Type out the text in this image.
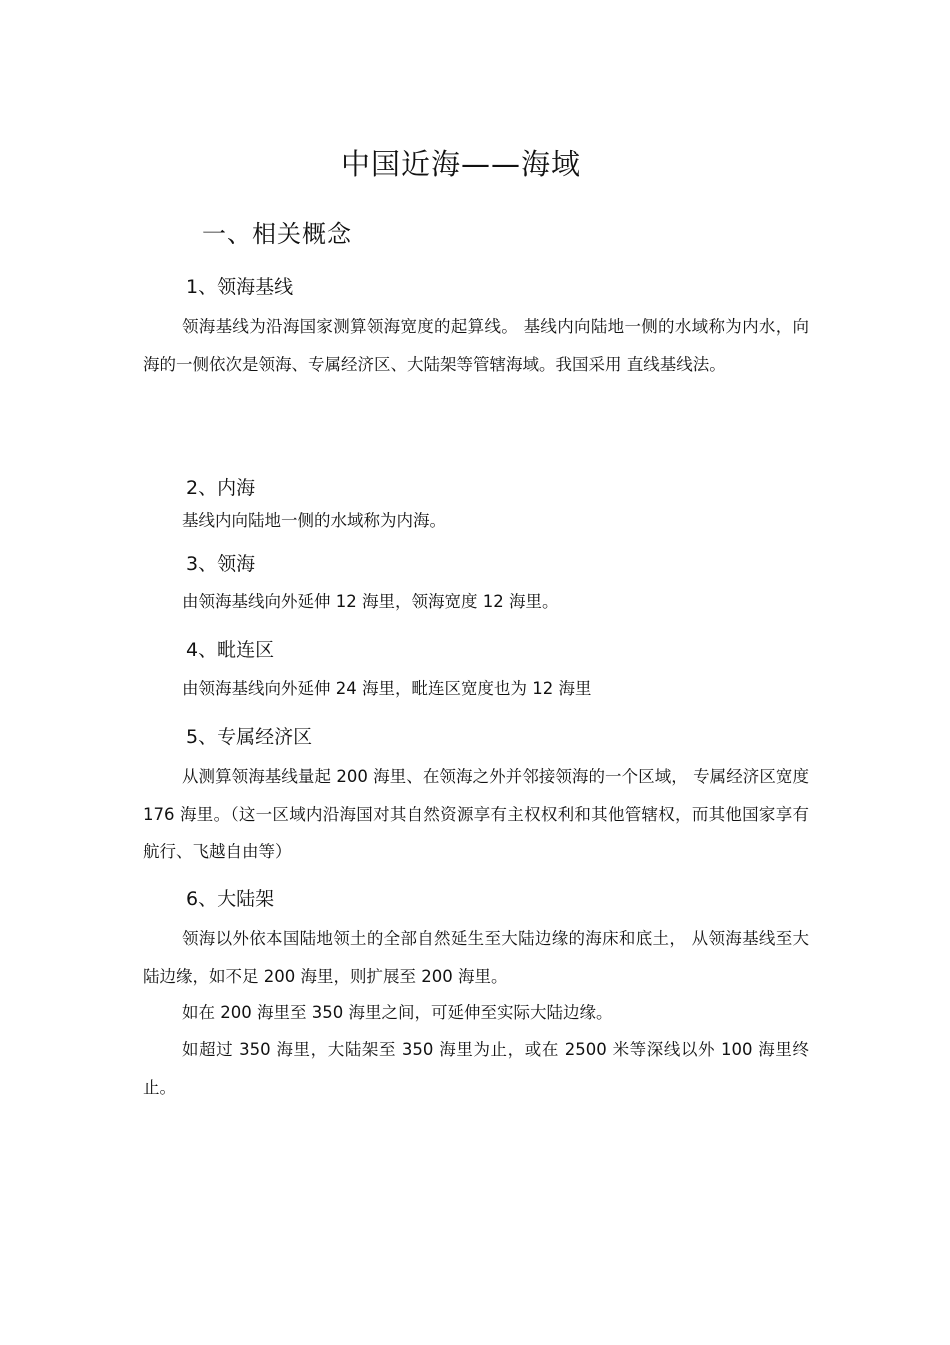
中国近海——海域
一、相关概念
1、领海基线

领海基线为沿海国家测算领海宽度的起算线。 基线内向陆地一侧的水域称为内水，向海的一侧依次是领海、专属经济区、大陆架等管辖海域。我国采用 直线基线法。

2、内海

基线内向陆地一侧的水域称为内海。

3、领海

由领海基线向外延伸 12 海里，领海宽度 12 海里。

4、毗连区

由领海基线向外延伸 24 海里，毗连区宽度也为 12 海里

5、专属经济区

从测算领海基线量起 200 海里、在领海之外并邻接领海的一个区域， 专属经济区宽度 176 海里。（这一区域内沿海国对其自然资源享有主权权利和其他管辖权，而其他国家享有航行、飞越自由等）

6、大陆架

领海以外依本国陆地领土的全部自然延生至大陆边缘的海床和底土， 从领海基线至大陆边缘，如不足 200 海里，则扩展至 200 海里。

如在 200 海里至 350 海里之间，可延伸至实际大陆边缘。

如超过 350 海里，大陆架至 350 海里为止，或在 2500 米等深线以外 100 海里终止。
